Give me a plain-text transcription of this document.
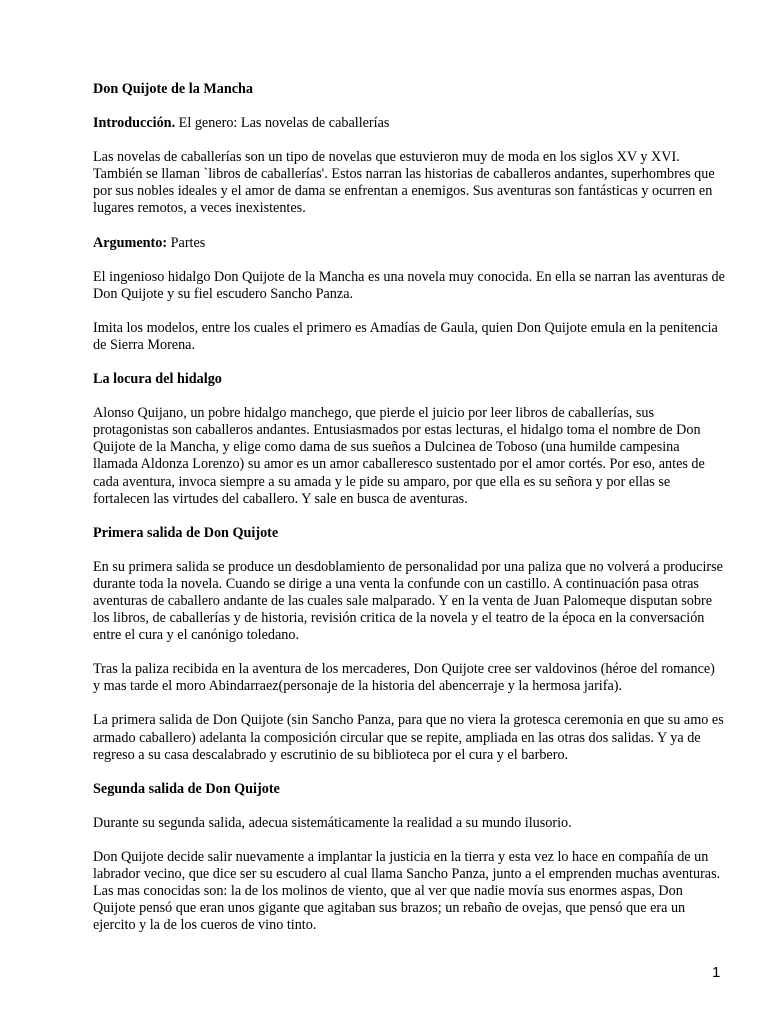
Don Quijote de la Mancha
Introducción. El genero: Las novelas de caballerías
Las novelas de caballerías son un tipo de novelas que estuvieron muy de moda en los siglos XV y XVI. También se llaman `libros de caballerías'. Estos narran las historias de caballeros andantes, superhombres que por sus nobles ideales y el amor de dama se enfrentan a enemigos. Sus aventuras son fantásticas y ocurren en lugares remotos, a veces inexistentes.
Argumento: Partes
El ingenioso hidalgo Don Quijote de la Mancha es una novela muy conocida. En ella se narran las aventuras de Don Quijote y su fiel escudero Sancho Panza.
Imita los modelos, entre los cuales el primero es Amadías de Gaula, quien Don Quijote emula en la penitencia de Sierra Morena.
La locura del hidalgo
Alonso Quijano, un pobre hidalgo manchego, que pierde el juicio por leer libros de caballerías, sus protagonistas son caballeros andantes. Entusiasmados por estas lecturas, el hidalgo toma el nombre de Don Quijote de la Mancha, y elige como dama de sus sueños a Dulcinea de Toboso (una humilde campesina llamada Aldonza Lorenzo) su amor es un amor caballeresco sustentado por el amor cortés. Por eso, antes de cada aventura, invoca siempre a su amada y le pide su amparo, por que ella es su señora y por ellas se fortalecen las virtudes del caballero. Y sale en busca de aventuras.
Primera salida de Don Quijote
En su primera salida se produce un desdoblamiento de personalidad por una paliza que no volverá a producirse durante toda la novela. Cuando se dirige a una venta la confunde con un castillo. A continuación pasa otras aventuras de caballero andante de las cuales sale malparado. Y en la venta de Juan Palomeque disputan sobre los libros, de caballerías y de historia, revisión critica de la novela y el teatro de la época en la conversación entre el cura y el canónigo toledano.
Tras la paliza recibida en la aventura de los mercaderes, Don Quijote cree ser valdovinos (héroe del romance) y mas tarde el moro Abindarraez(personaje de la historia del abencerraje y la hermosa jarifa).
La primera salida de Don Quijote (sin Sancho Panza, para que no viera la grotesca ceremonia en que su amo es armado caballero) adelanta la composición circular que se repite, ampliada en las otras dos salidas. Y ya de regreso a su casa descalabrado y escrutinio de su biblioteca por el cura y el barbero.
Segunda salida de Don Quijote
Durante su segunda salida, adecua sistemáticamente la realidad a su mundo ilusorio.
Don Quijote decide salir nuevamente a implantar la justicia en la tierra y esta vez lo hace en compañía de un labrador vecino, que dice ser su escudero al cual llama Sancho Panza, junto a el emprenden muchas aventuras. Las mas conocidas son: la de los molinos de viento, que al ver que nadie movía sus enormes aspas, Don Quijote pensó que eran unos gigante que agitaban sus brazos; un rebaño de ovejas, que pensó que era un ejercito y la de los cueros de vino tinto.
1
